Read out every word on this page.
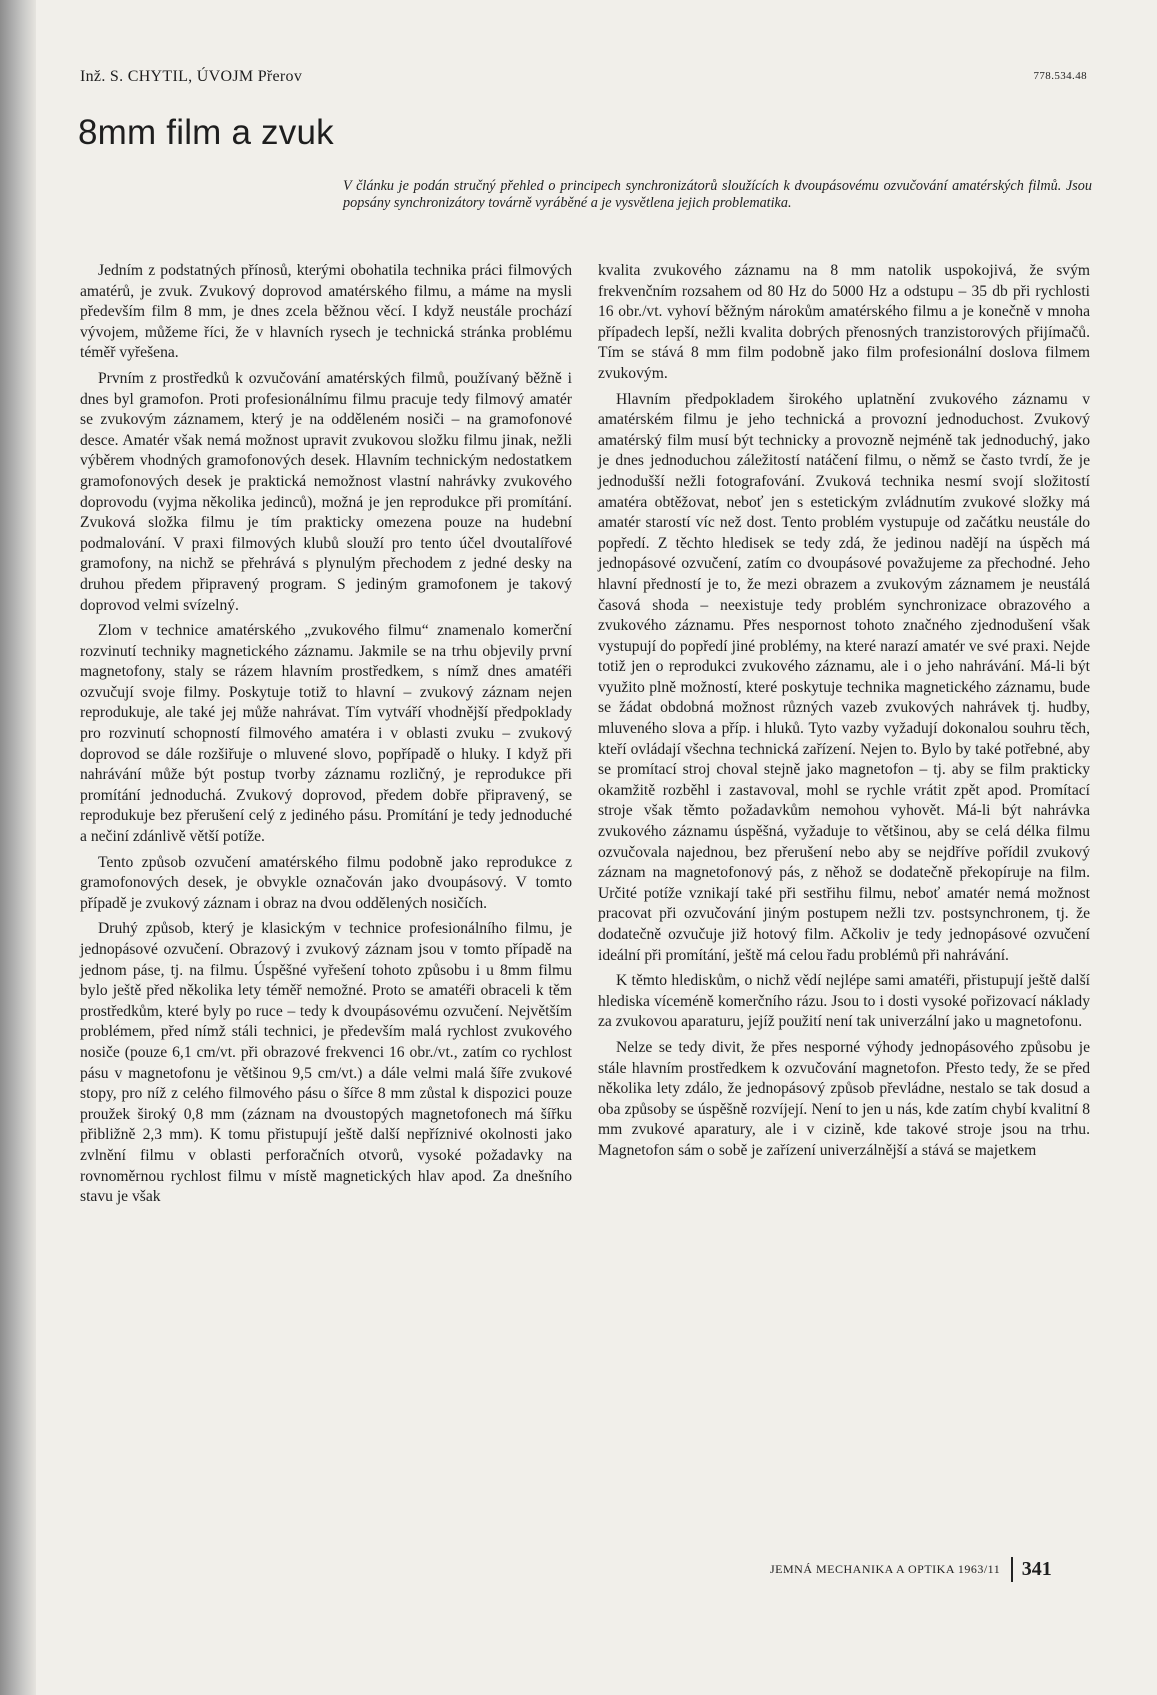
Inž. S. CHYTIL, ÚVOJM Přerov	778.534.48
8mm film a zvuk
V článku je podán stručný přehled o principech synchronizátorů sloužících k dvoupásovému ozvučování amatérských filmů. Jsou popsány synchronizátory továrně vyráběné a je vysvětlena jejich problematika.

Jedním z podstatných přínosů, kterými obohatila technika práci filmových amatérů, je zvuk. Zvukový doprovod amatérského filmu, a máme na mysli především film 8 mm, je dnes zcela běžnou věcí. I když neustále prochází vývojem, můžeme říci, že v hlavních rysech je technická stránka problému téměř vyřešena.

Prvním z prostředků k ozvučování amatérských filmů, používaný běžně i dnes byl gramofon. Proti profesionálnímu filmu pracuje tedy filmový amatér se zvukovým záznamem, který je na odděleném nosiči – na gramofonové desce. Amatér však nemá možnost upravit zvukovou složku filmu jinak, nežli výběrem vhodných gramofonových desek. Hlavním technickým nedostatkem gramofonových desek je praktická nemožnost vlastní nahrávky zvukového doprovodu (vyjma několika jedinců), možná je jen reprodukce při promítání. Zvuková složka filmu je tím prakticky omezena pouze na hudební podmalování. V praxi filmových klubů slouží pro tento účel dvoutalířové gramofony, na nichž se přehrává s plynulým přechodem z jedné desky na druhou předem připravený program. S jediným gramofonem je takový doprovod velmi svízelný.

Zlom v technice amatérského „zvukového filmu“ znamenalo komerční rozvinutí techniky magnetického záznamu. Jakmile se na trhu objevily první magnetofony, staly se rázem hlavním prostředkem, s nímž dnes amatéři ozvučují svoje filmy. Poskytuje totiž to hlavní – zvukový záznam nejen reprodukuje, ale také jej může nahrávat. Tím vytváří vhodnější předpoklady pro rozvinutí schopností filmového amatéra i v oblasti zvuku – zvukový doprovod se dále rozšiřuje o mluvené slovo, popřípadě o hluky. I když při nahrávání může být postup tvorby záznamu rozličný, je reprodukce při promítání jednoduchá. Zvukový doprovod, předem dobře připravený, se reprodukuje bez přerušení celý z jediného pásu. Promítání je tedy jednoduché a nečiní zdánlivě větší potíže.

Tento způsob ozvučení amatérského filmu podobně jako reprodukce z gramofonových desek, je obvykle označován jako dvoupásový. V tomto případě je zvukový záznam i obraz na dvou oddělených nosičích.

Druhý způsob, který je klasickým v technice profesionálního filmu, je jednopásové ozvučení. Obrazový i zvukový záznam jsou v tomto případě na jednom páse, tj. na filmu. Úspěšné vyřešení tohoto způsobu i u 8mm filmu bylo ještě před několika lety téměř nemožné. Proto se amatéři obraceli k těm prostředkům, které byly po ruce – tedy k dvoupásovému ozvučení. Největším problémem, před nímž stáli technici, je především malá rychlost zvukového nosiče (pouze 6,1 cm/vt. při obrazové frekvenci 16 obr./vt., zatím co rychlost pásu v magnetofonu je většinou 9,5 cm/vt.) a dále velmi malá šíře zvukové stopy, pro níž z celého filmového pásu o šířce 8 mm zůstal k dispozici pouze proužek široký 0,8 mm (záznam na dvoustopých magnetofonech má šířku přibližně 2,3 mm). K tomu přistupují ještě další nepříznivé okolnosti jako zvlnění filmu v oblasti perforačních otvorů, vysoké požadavky na rovnoměrnou rychlost filmu v místě magnetických hlav apod. Za dnešního stavu je však

kvalita zvukového záznamu na 8 mm natolik uspokojivá, že svým frekvenčním rozsahem od 80 Hz do 5000 Hz a odstupu – 35 db při rychlosti 16 obr./vt. vyhoví běžným nárokům amatérského filmu a je konečně v mnoha případech lepší, nežli kvalita dobrých přenosných tranzistorových přijímačů. Tím se stává 8 mm film podobně jako film profesionální doslova filmem zvukovým.

Hlavním předpokladem širokého uplatnění zvukového záznamu v amatérském filmu je jeho technická a provozní jednoduchost. Zvukový amatérský film musí být technicky a provozně nejméně tak jednoduchý, jako je dnes jednoduchou záležitostí natáčení filmu, o němž se často tvrdí, že je jednodušší nežli fotografování. Zvuková technika nesmí svojí složitostí amatéra obtěžovat, neboť jen s estetickým zvládnutím zvukové složky má amatér starostí víc než dost. Tento problém vystupuje od začátku neustále do popředí. Z těchto hledisek se tedy zdá, že jedinou nadějí na úspěch má jednopásové ozvučení, zatím co dvoupásové považujeme za přechodné. Jeho hlavní předností je to, že mezi obrazem a zvukovým záznamem je neustálá časová shoda – neexistuje tedy problém synchronizace obrazového a zvukového záznamu. Přes nespornost tohoto značného zjednodušení však vystupují do popředí jiné problémy, na které narazí amatér ve své praxi. Nejde totiž jen o reprodukci zvukového záznamu, ale i o jeho nahrávání. Má-li být využito plně možností, které poskytuje technika magnetického záznamu, bude se žádat obdobná možnost různých vazeb zvukových nahrávek tj. hudby, mluveného slova a příp. i hluků. Tyto vazby vyžadují dokonalou souhru těch, kteří ovládají všechna technická zařízení. Nejen to. Bylo by také potřebné, aby se promítací stroj choval stejně jako magnetofon – tj. aby se film prakticky okamžitě rozběhl i zastavoval, mohl se rychle vrátit zpět apod. Promítací stroje však těmto požadavkům nemohou vyhovět. Má-li být nahrávka zvukového záznamu úspěšná, vyžaduje to většinou, aby se celá délka filmu ozvučovala najednou, bez přerušení nebo aby se nejdříve pořídil zvukový záznam na magnetofonový pás, z něhož se dodatečně překopíruje na film. Určité potíže vznikají také při sestřihu filmu, neboť amatér nemá možnost pracovat při ozvučování jiným postupem nežli tzv. postsynchronem, tj. že dodatečně ozvučuje již hotový film. Ačkoliv je tedy jednopásové ozvučení ideální při promítání, ještě má celou řadu problémů při nahrávání.

K těmto hlediskům, o nichž vědí nejlépe sami amatéři, přistupují ještě další hlediska víceméně komerčního rázu. Jsou to i dosti vysoké pořizovací náklady za zvukovou aparaturu, jejíž použití není tak univerzální jako u magnetofonu.

Nelze se tedy divit, že přes nesporné výhody jednopásového způsobu je stále hlavním prostředkem k ozvučování magnetofon. Přesto tedy, že se před několika lety zdálo, že jednopásový způsob převládne, nestalo se tak dosud a oba způsoby se úspěšně rozvíjejí. Není to jen u nás, kde zatím chybí kvalitní 8 mm zvukové aparatury, ale i v cizině, kde takové stroje jsou na trhu. Magnetofon sám o sobě je zařízení univerzálnější a stává se majetkem

JEMNÁ MECHANIKA A OPTIKA 1963/11 341
